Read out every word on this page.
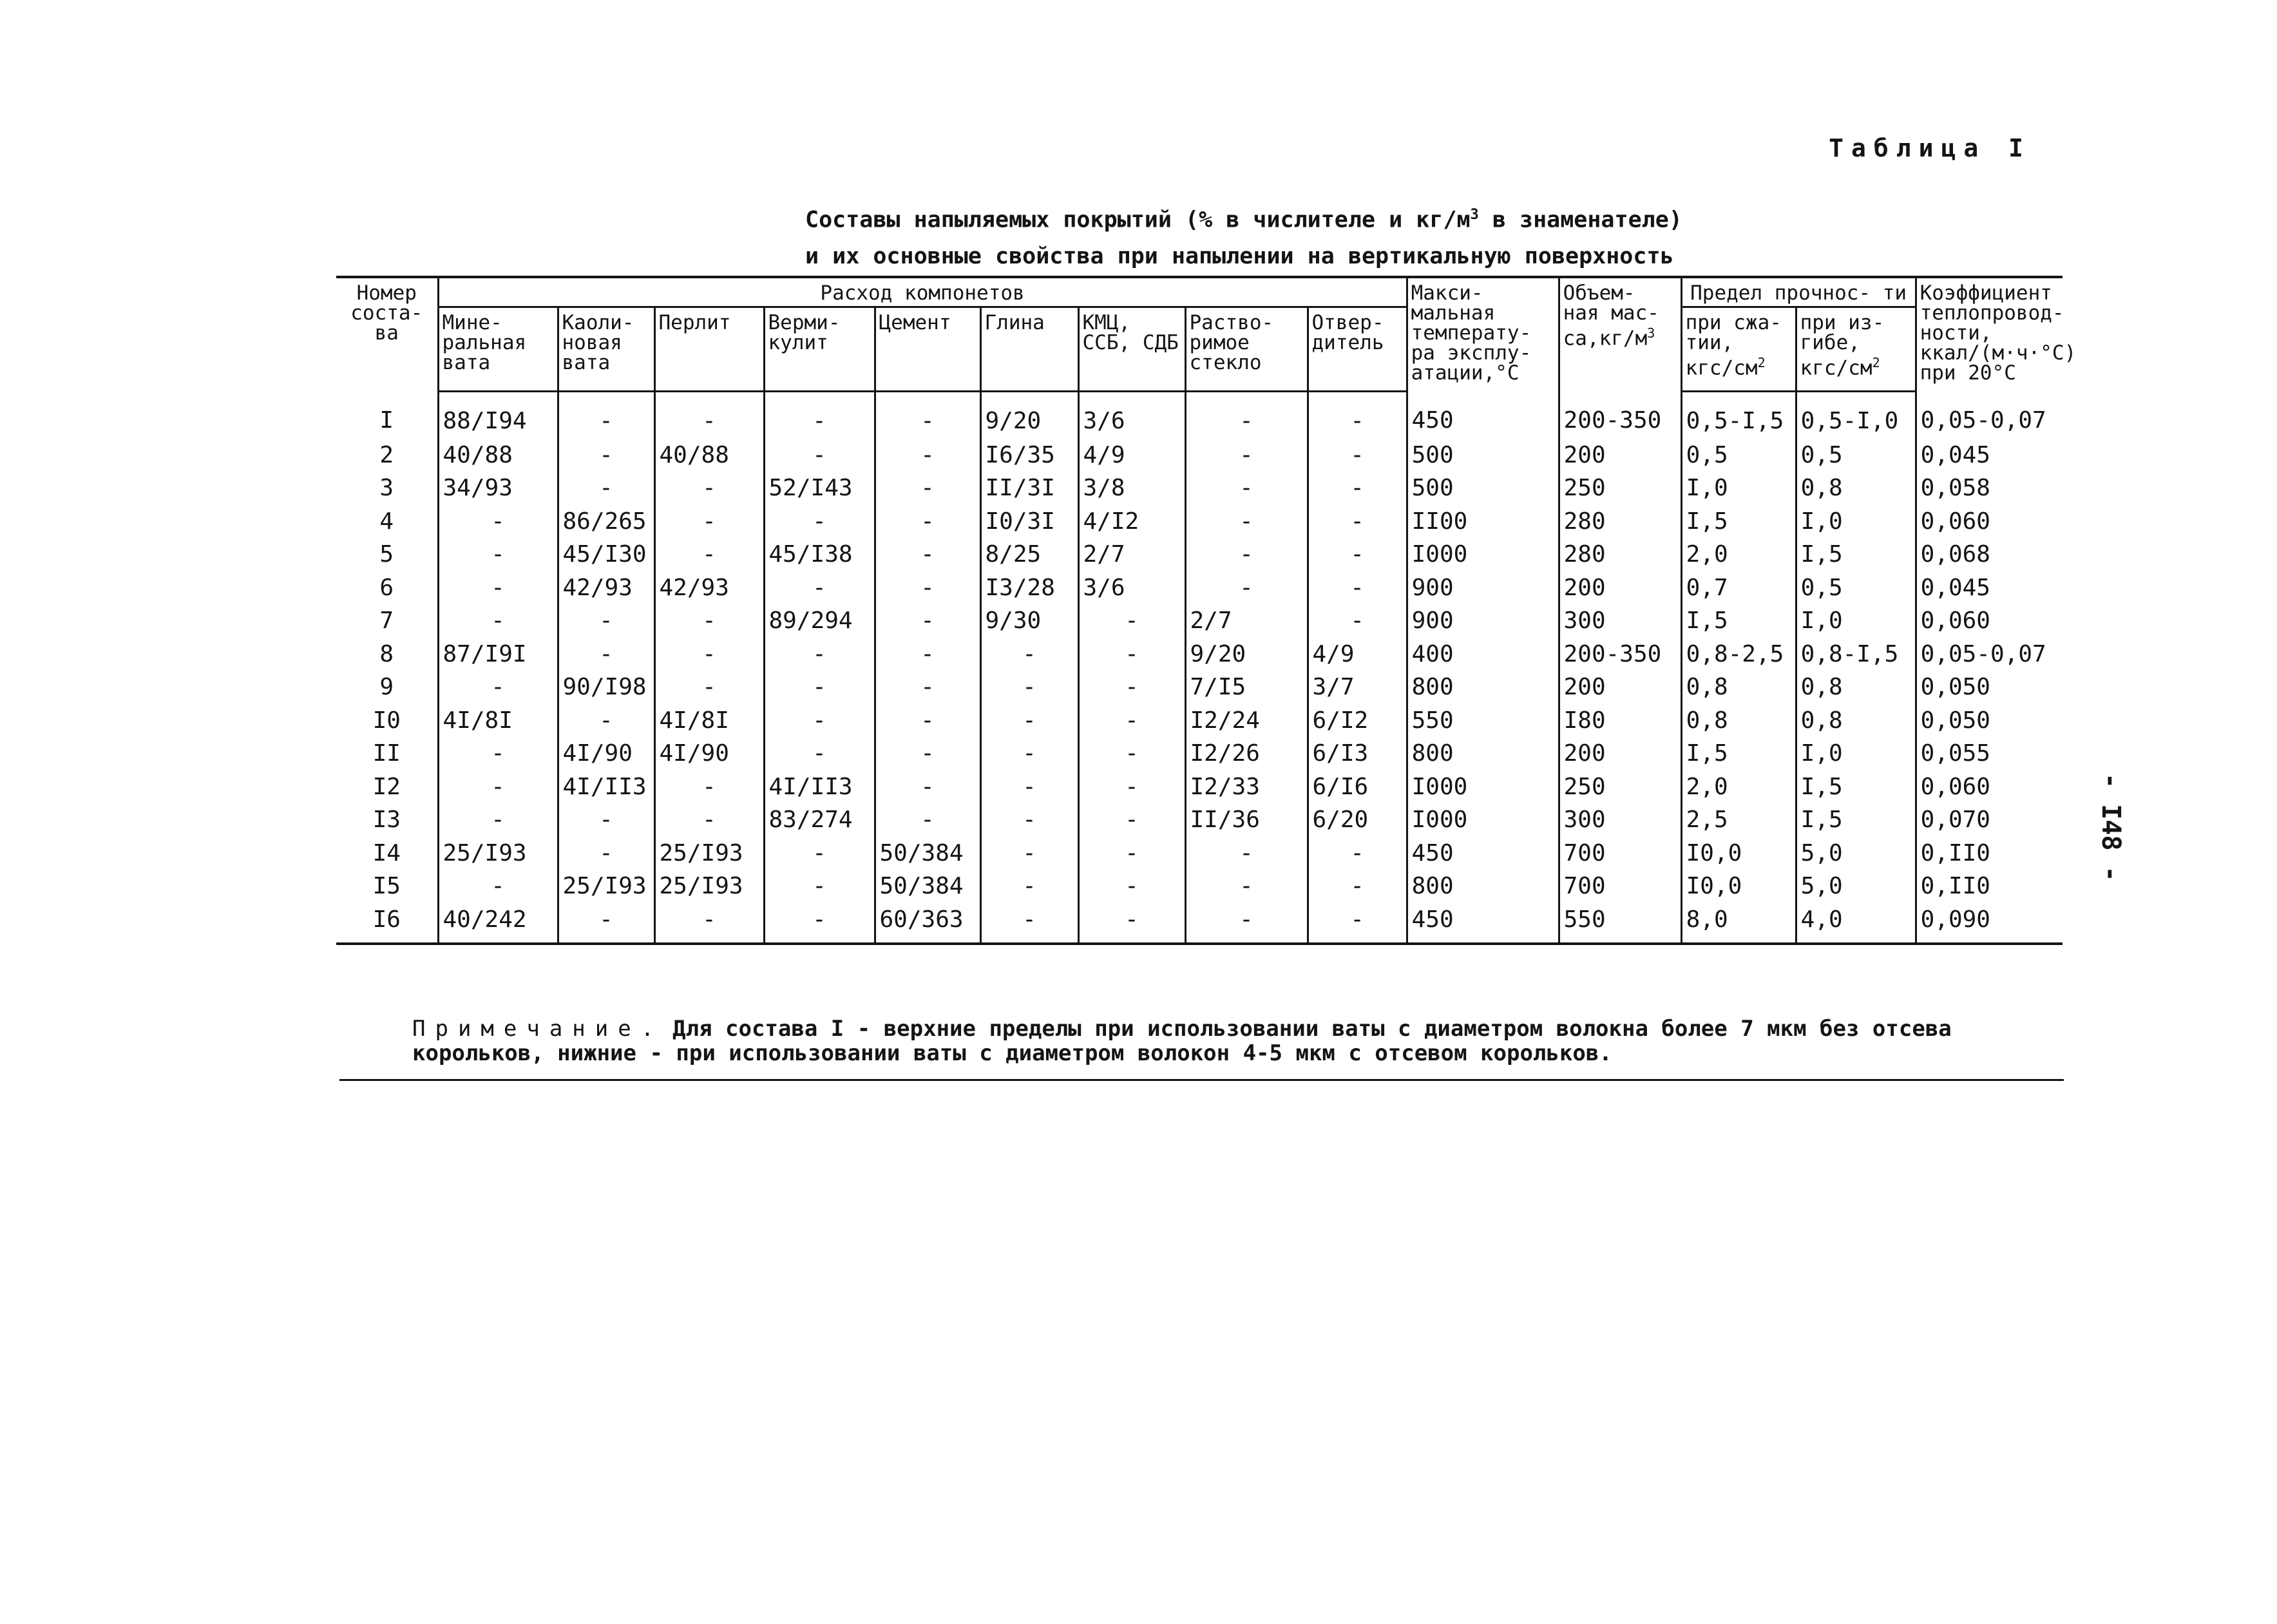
Таблица I
Составы напыляемых покрытий (% в числителе и $кг/м^3$ в знаменателе)
и их основные свойства при напылении на вертикальную поверхность
Номер соста- ва	Расход компонетов									Макси- мальная температу- ра эксплу- атации,°С	Объем- ная мас- $са,кг/м^3$	Предел прочнос- ти		Коэффициент теплопровод- ности, ккал/(м·ч·°С) при 20°С
	Мине- ральная вата	Каоли- новая вата	Перлит	Верми- кулит	Цемент	Глина	КМЦ, ССБ, СДБ	Раство- римое стекло	Отвер- дитель			при сжа- тии, кгс/$см^2$	при из- гибе, кгс/$см^2$
I	88/I94	-	-	-	-	9/20	3/6	-	-	450	200-350	0,5-I,5	0,5-I,0	0,05-0,07
2	40/88	-	40/88	-	-	I6/35	4/9	-	-	500	200	0,5	0,5	0,045
3	34/93	-	-	52/I43	-	II/3I	3/8	-	-	500	250	I,0	0,8	0,058
4	-	86/265	-	-	-	I0/3I	4/I2	-	-	II00	280	I,5	I,0	0,060
5	-	45/I30	-	45/I38	-	8/25	2/7	-	-	I000	280	2,0	I,5	0,068
6	-	42/93	42/93	-	-	I3/28	3/6	-	-	900	200	0,7	0,5	0,045
7	-	-	-	89/294	-	9/30	-	2/7	-	900	300	I,5	I,0	0,060
8	87/I9I	-	-	-	-	-	-	9/20	4/9	400	200-350	0,8-2,5	0,8-I,5	0,05-0,07
9	-	90/I98	-	-	-	-	-	7/I5	3/7	800	200	0,8	0,8	0,050
I0	4I/8I	-	4I/8I	-	-	-	-	I2/24	6/I2	550	I80	0,8	0,8	0,050
II	-	4I/90	4I/90	-	-	-	-	I2/26	6/I3	800	200	I,5	I,0	0,055
I2	-	4I/II3	-	4I/II3	-	-	-	I2/33	6/I6	I000	250	2,0	I,5	0,060
I3	-	-	-	83/274	-	-	-	II/36	6/20	I000	300	2,5	I,5	0,070
I4	25/I93	-	25/I93	-	50/384	-	-	-	-	450	700	I0,0	5,0	0,II0
I5	-	25/I93	25/I93	-	50/384	-	-	-	-	800	700	I0,0	5,0	0,II0
I6	40/242	-	-	-	60/363	-	-	-	-	450	550	8,0	4,0	0,090
Примечание. Для состава I - верхние пределы при использовании ваты с диаметром волокна более 7 мкм без отсева корольков, нижние - при использовании ваты с диаметром волокон 4-5 мкм с отсевом корольков.
- I48 -
